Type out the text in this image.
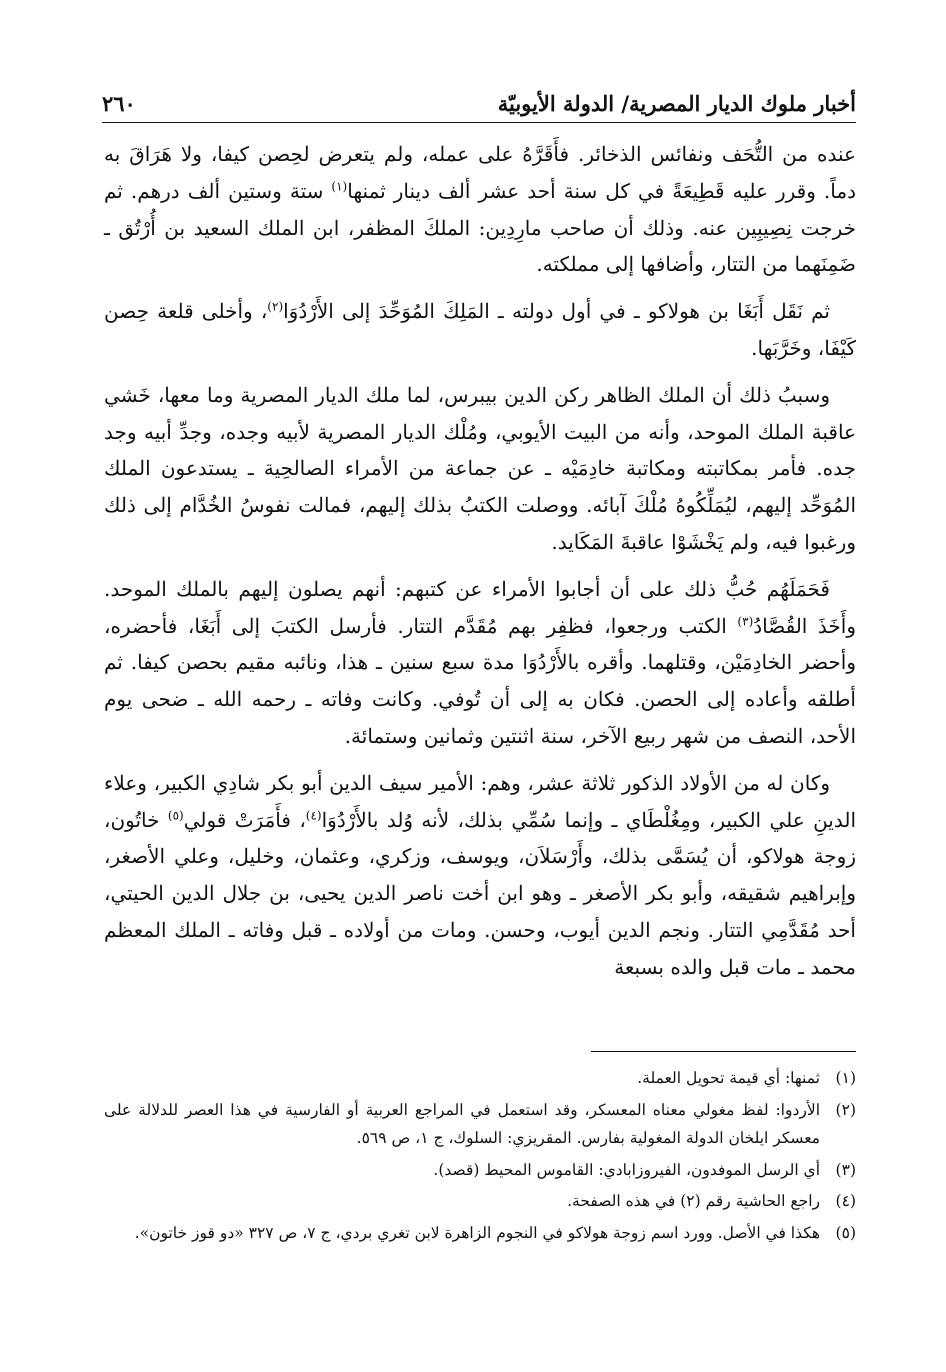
أخبار ملوك الديار المصرية/ الدولة الأيوبيّة
٢٦٠

عنده من التُّحَف ونفائس الذخائر. فأَقَرَّهُ على عمله، ولم يتعرض لحِصن كيفا، ولا هَرَاقَ به دماً. وقرر عليه قَطِيعَةً في كل سنة أحد عشر ألف دينار ثمنها$^{(١)}$ ستة وستين ألف درهم. ثم خرجت نِصِيبِين عنه. وذلك أن صاحب مارِدِين: الملكَ المظفر، ابن الملك السعيد بن أُرْتُق ـ ضَمِنَهما من التتار، وأضافها إلى مملكته.

ثم نَقَل أَبَغَا بن هولاكو ـ في أول دولته ـ المَلِكَ المُوَحِّدَ إلى الأَرْدُوَا$^{(٢)}$، وأخلى قلعة حِصن كَيْفَا، وخَرَّبَها.

وسببُ ذلك أن الملك الظاهر ركن الدين بيبرس، لما ملك الديار المصرية وما معها، خَشي عاقبة الملك الموحد، وأنه من البيت الأيوبي، ومُلْك الديار المصرية لأبيه وجده، وجدِّ أبيه وجد جده. فأمر بمكاتبته ومكاتبة خادِمَيْه ـ عن جماعة من الأمراء الصالحِية ـ يستدعون الملك المُوَحِّد إليهم، ليُمَلِّكُوهُ مُلْكَ آبائه. ووصلت الكتبُ بذلك إليهم، فمالت نفوسُ الخُدَّام إلى ذلك ورغبوا فيه، ولم يَخْشَوْا عاقبةَ المَكَايد.

فَحَمَلَهُم حُبُّ ذلك على أن أجابوا الأمراء عن كتبهم: أنهم يصلون إليهم بالملك الموحد. وأَخَذَ القُصَّادُ$^{(٣)}$ الكتب ورجعوا، فظفِر بهم مُقَدَّم التتار. فأرسل الكتبَ إلى أَبَغَا، فأحضره، وأحضر الخادِمَيْن، وقتلهما. وأقره بالأَرْدُوَا مدة سبع سنين ـ هذا، ونائبه مقيم بحصن كيفا. ثم أطلقه وأعاده إلى الحصن. فكان به إلى أن تُوفي. وكانت وفاته ـ رحمه الله ـ ضحى يوم الأحد، النصف من شهر ربيع الآخر، سنة اثنتين وثمانين وستمائة.

وكان له من الأولاد الذكور ثلاثة عشر، وهم: الأمير سيف الدين أبو بكر شادِي الكبير، وعلاء الدينِ علي الكبير، ومِغُلْطَاي ـ وإنما سُمِّي بذلك، لأنه وُلد بالأَرْدُوَا$^{(٤)}$، فأَمَرَتْ قولي$^{(٥)}$ خاتُون، زوجة هولاكو، أن يُسَمَّى بذلك، وأَرْسَلاَن، ويوسف، وزكري، وعثمان، وخليل، وعلي الأصغر، وإبراهيم شقيقه، وأبو بكر الأصغر ـ وهو ابن أخت ناصر الدين يحيى، بن جلال الدين الحيتي، أحد مُقَدَّمِي التتار. ونجم الدين أيوب، وحسن. ومات من أولاده ـ قبل وفاته ـ الملك المعظم محمد ـ مات قبل والده بسبعة

(١)
ثمنها: أي قيمة تحويل العملة.
(٢)
الأردوا: لفظ مغولي معناه المعسكر، وقد استعمل في المراجع العربية أو الفارسية في هذا العصر للدلالة على معسكر ايلخان الدولة المغولية بفارس. المقريزي: السلوك، ج ١، ص ٥٦٩.
(٣)
أي الرسل الموفدون، الفيروزابادي: القاموس المحيط (قصد).
(٤)
راجع الحاشية رقم (٢) في هذه الصفحة.
(٥)
هكذا في الأصل. وورد اسم زوجة هولاكو في النجوم الزاهرة لابن تغري بردي، ج ٧، ص ٣٢٧ «دو قوز خاتون».
